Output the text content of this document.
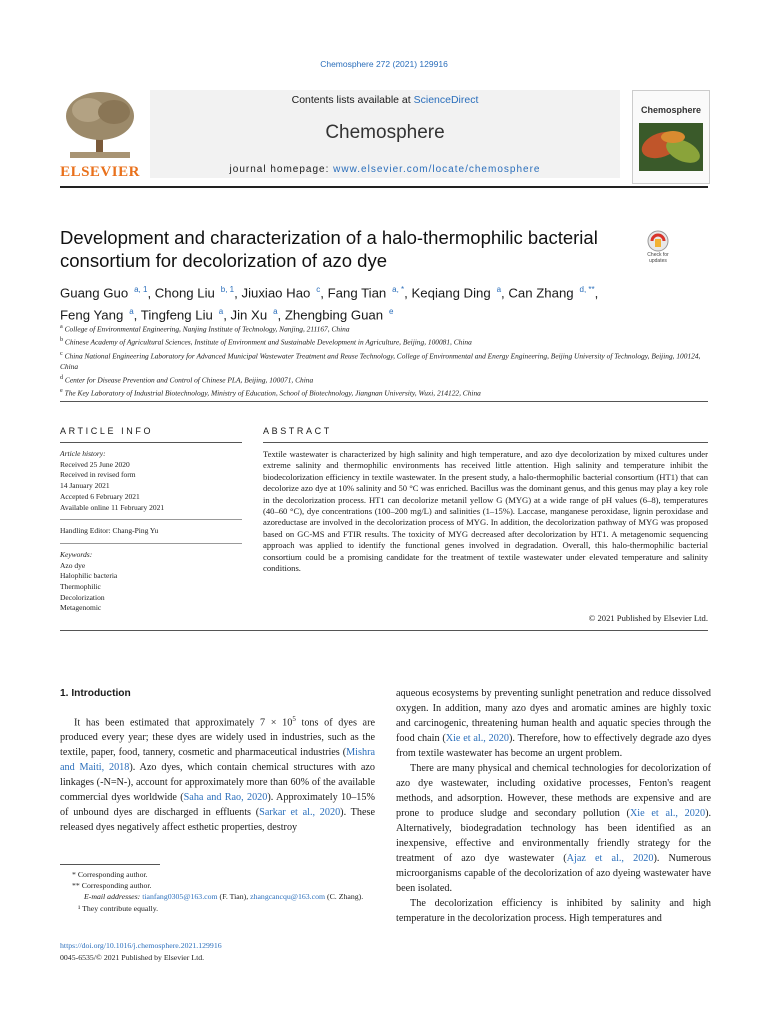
Chemosphere 272 (2021) 129916
ELSEVIER
Contents lists available at ScienceDirect
Chemosphere
journal homepage: www.elsevier.com/locate/chemosphere
Chemosphere
Development and characterization of a halo-thermophilic bacterial consortium for decolorization of azo dye	Check for updates
Guang Guo  $^{a, 1}$, Chong Liu  $^{b, 1}$, Jiuxiao Hao  $^c$, Fang Tian  $^{a, *}$, Keqiang Ding  $^a$, Can Zhang  $^{d, **}$,
Feng Yang  $^a$, Tingfeng Liu  $^a$, Jin Xu  $^a$, Zhengbing Guan  $^e$
$^a$ College of Environmental Engineering, Nanjing Institute of Technology, Nanjing, 211167, China
$^b$ Chinese Academy of Agricultural Sciences, Institute of Environment and Sustainable Development in Agriculture, Beijing, 100081, China
$^c$ China National Engineering Laboratory for Advanced Municipal Wastewater Treatment and Reuse Technology, College of Environmental and Energy Engineering, Beijing University of Technology, Beijing, 100124, China
$^d$ Center for Disease Prevention and Control of Chinese PLA, Beijing, 100071, China
$^e$ The Key Laboratory of Industrial Biotechnology, Ministry of Education, School of Biotechnology, Jiangnan University, Wuxi, 214122, China
ARTICLE INFO
Article history:
Received 25 June 2020
Received in revised form
14 January 2021
Accepted 6 February 2021
Available online 11 February 2021
Handling Editor: Chang-Ping Yu
Keywords:
Azo dye
Halophilic bacteria
Thermophilic
Decolorization
Metagenomic
ABSTRACT
Textile wastewater is characterized by high salinity and high temperature, and azo dye decolorization by mixed cultures under extreme salinity and thermophilic environments has received little attention. High salinity and temperature inhibit the biodecolorization efficiency in textile wastewater. In the present study, a halo-thermophilic bacterial consortium (HT1) that can decolorize azo dye at 10% salinity and 50 °C was enriched. Bacillus was the dominant genus, and this genus may play a key role in the decolorization process. HT1 can decolorize metanil yellow G (MYG) at a wide range of pH values (6–8), temperatures (40–60 °C), dye concentrations (100–200 mg/L) and salinities (1–15%). Laccase, manganese peroxidase, lignin peroxidase and azoreductase are involved in the decolorization process of MYG. In addition, the decolorization pathway of MYG was proposed based on GC-MS and FTIR results. The toxicity of MYG decreased after decolorization by HT1. A metagenomic sequencing approach was applied to identify the functional genes involved in degradation. Overall, this halo-thermophilic bacterial consortium could be a promising candidate for the treatment of textile wastewater under elevated temperature and salinity conditions.
© 2021 Published by Elsevier Ltd.
1. Introduction

It has been estimated that approximately $7 \times 10^5$ tons of dyes are produced every year; these dyes are widely used in industries, such as the textile, paper, food, tannery, cosmetic and pharmaceutical industries (Mishra and Maiti, 2018). Azo dyes, which contain chemical structures with azo linkages (-N=N-), account for approximately more than 60% of the available commercial dyes worldwide (Saha and Rao, 2020). Approximately 10–15% of unbound dyes are discharged in effluents (Sarkar et al., 2020). These released dyes negatively affect esthetic properties, destroy

aqueous ecosystems by preventing sunlight penetration and reduce dissolved oxygen. In addition, many azo dyes and aromatic amines are highly toxic and carcinogenic, threatening human health and aquatic species through the food chain (Xie et al., 2020). Therefore, how to effectively degrade azo dyes from textile wastewater has become an urgent problem.

There are many physical and chemical technologies for decolorization of azo dye wastewater, including oxidative processes, Fenton's reagent methods, and adsorption. However, these methods are expensive and are prone to produce sludge and secondary pollution (Xie et al., 2020). Alternatively, biodegradation technology has been identified as an inexpensive, effective and environmentally friendly strategy for the treatment of azo dye wastewater (Ajaz et al., 2020). Numerous microorganisms capable of the decolorization of azo dyeing wastewater have been isolated.

The decolorization efficiency is inhibited by salinity and high temperature in the decolorization process. High temperatures and

* Corresponding author.
** Corresponding author.
E-mail addresses: tianfang0305@163.com (F. Tian), zhangcancqu@163.com (C. Zhang).
¹ They contribute equally.
https://doi.org/10.1016/j.chemosphere.2021.129916
0045-6535/© 2021 Published by Elsevier Ltd.
